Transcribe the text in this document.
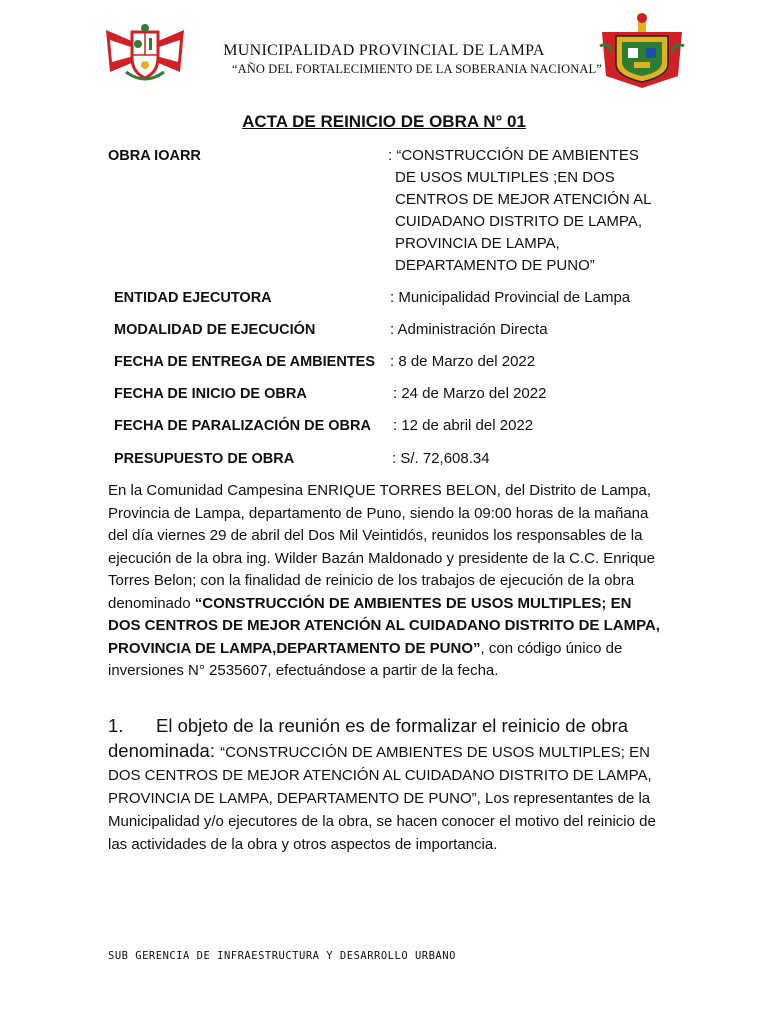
MUNICIPALIDAD PROVINCIAL DE LAMPA
“AÑO DEL FORTALECIMIENTO DE LA SOBERANIA NACIONAL”
ACTA DE REINICIO DE OBRA N° 01
OBRA IOARR	: “CONSTRUCCIÓN DE AMBIENTES
DE USOS MULTIPLES ;EN DOS
CENTROS DE MEJOR ATENCIÓN AL
CUIDADANO DISTRITO DE LAMPA,
PROVINCIA DE LAMPA,
DEPARTAMENTO DE PUNO”
ENTIDAD EJECUTORA	: Municipalidad Provincial de Lampa
MODALIDAD DE EJECUCIÓN	: Administración Directa
FECHA DE ENTREGA DE AMBIENTES : 8 de Marzo del 2022
FECHA DE INICIO DE OBRA	: 24 de Marzo del 2022
FECHA DE PARALIZACIÓN DE OBRA : 12 de abril del 2022
PRESUPUESTO DE OBRA	: S/. 72,608.34
En la Comunidad Campesina ENRIQUE TORRES BELON, del Distrito de Lampa, Provincia de Lampa, departamento de Puno, siendo la 09:00 horas de la mañana del día viernes 29 de abril del Dos Mil Veintidós, reunidos los responsables de la ejecución de la obra ing. Wilder Bazán Maldonado y presidente de la C.C. Enrique Torres Belon; con la finalidad de reinicio de los trabajos de ejecución de la obra denominado “CONSTRUCCIÓN DE AMBIENTES DE USOS MULTIPLES; EN DOS CENTROS DE MEJOR ATENCIÓN AL CUIDADANO DISTRITO DE LAMPA, PROVINCIA DE LAMPA,DEPARTAMENTO DE PUNO”, con código único de inversiones N° 2535607, efectuándose a partir de la fecha.
1. El objeto de la reunión es de formalizar el reinicio de obra denominada: “CONSTRUCCIÓN DE AMBIENTES DE USOS MULTIPLES; EN DOS CENTROS DE MEJOR ATENCIÓN AL CUIDADANO DISTRITO DE LAMPA, PROVINCIA DE LAMPA, DEPARTAMENTO DE PUNO”, Los representantes de la Municipalidad y/o ejecutores de la obra, se hacen conocer el motivo del reinicio de las actividades de la obra y otros aspectos de importancia.
SUB GERENCIA DE INFRAESTRUCTURA Y DESARROLLO URBANO
